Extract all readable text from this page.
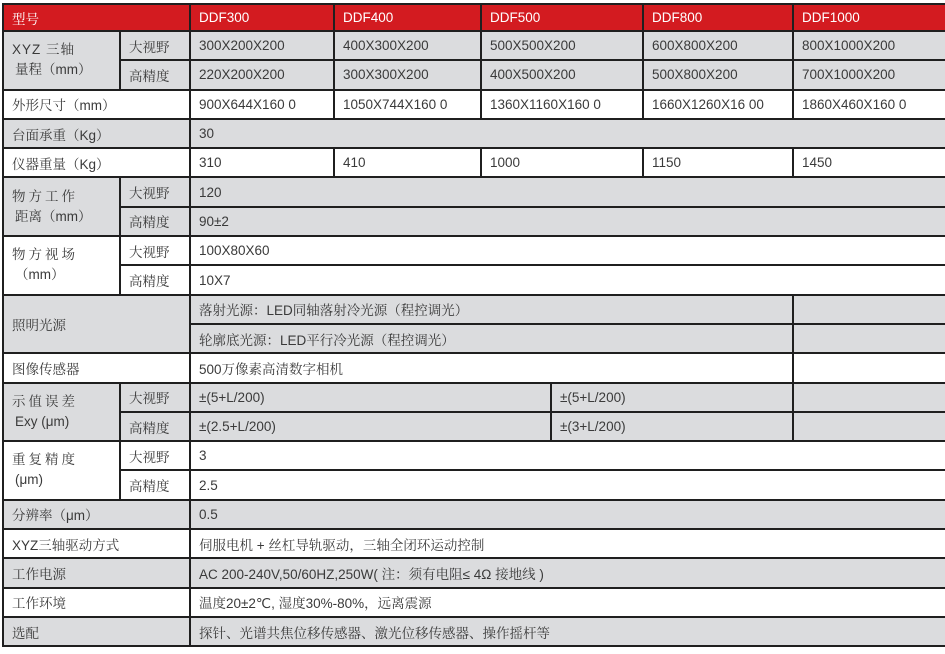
型号		DDF300	DDF400	DDF500		DDF800	DDF1000

XYZ 三轴
量程（mm）	大视野	300X200X200	400X300X200	500X500X200		600X800X200	800X1000X200
	高精度	220X200X200	300X300X200	400X500X200		500X800X200	700X1000X200
外形尺寸（mm）		900X644X160 0	1050X744X160 0	1360X1160X160 0		1660X1260X16 00	1860X460X160 0
台面承重（Kg）		30					
仪器重量（Kg）		310	410	1000		1150	1450

物方工作
距离（mm）	大视野	120					
	高精度	90±2					

物方视场
（mm）	大视野	100X80X60					
	高精度	10X7					
照明光源		落射光源：LED同轴落射冷光源（程控调光）					
		轮廓底光源：LED平行冷光源（程控调光）					
图像传感器		500万像素高清数字相机					

示值误差
Exy (μm)	大视野	±(5+L/200)			±(5+L/200)		
	高精度	±(2.5+L/200)			±(3+L/200)		

重复精度
(μm)	大视野	3					
	高精度	2.5					
分辨率（μm）		0.5					
XYZ三轴驱动方式		伺服电机 + 丝杠导轨驱动，三轴全闭环运动控制					
工作电源		AC 200-240V,50/60HZ,250W( 注：须有电阻≤ 4Ω 接地线 )					
工作环境		温度20±2℃, 湿度30%-80%，远离震源					
选配		探针、光谱共焦位移传感器、激光位移传感器、操作摇杆等					
